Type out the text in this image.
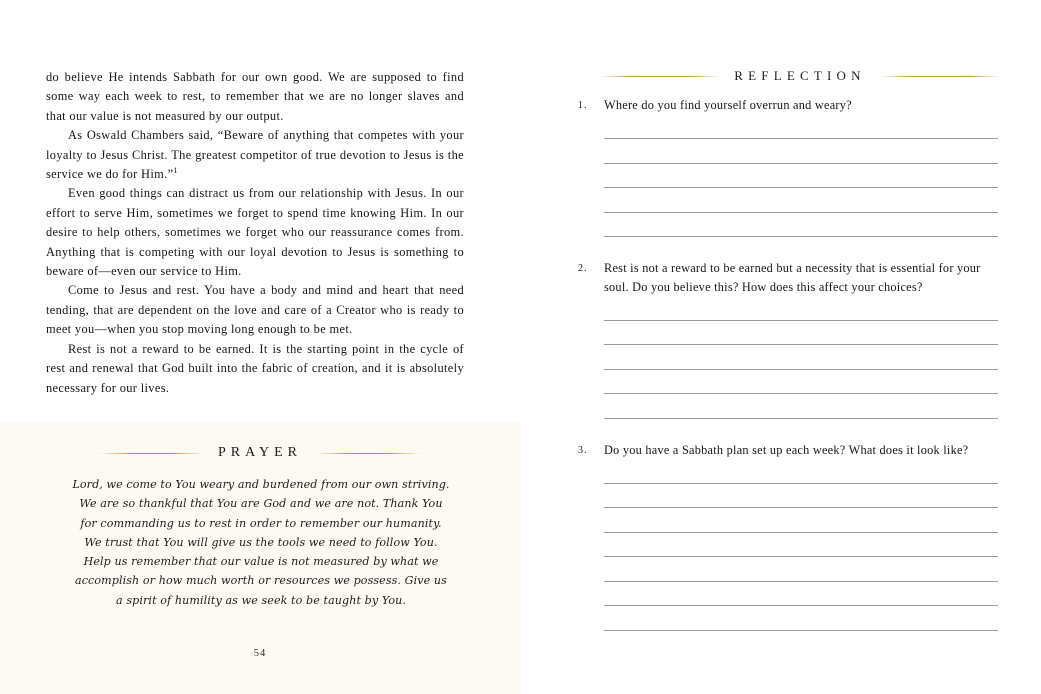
do believe He intends Sabbath for our own good. We are supposed to find some way each week to rest, to remember that we are no longer slaves and that our value is not measured by our output.

As Oswald Chambers said, “Beware of anything that competes with your loyalty to Jesus Christ. The greatest competitor of true devotion to Jesus is the service we do for Him.”$^1$

Even good things can distract us from our relationship with Jesus. In our effort to serve Him, sometimes we forget to spend time knowing Him. In our desire to help others, sometimes we forget who our reassurance comes from. Anything that is competing with our loyal devotion to Jesus is something to beware of—even our service to Him.

Come to Jesus and rest. You have a body and mind and heart that need tending, that are dependent on the love and care of a Creator who is ready to meet you—when you stop moving long enough to be met.

Rest is not a reward to be earned. It is the starting point in the cycle of rest and renewal that God built into the fabric of creation, and it is absolutely necessary for our lives.

PRAYER
Lord, we come to You weary and burdened from our own striving. We are so thankful that You are God and we are not. Thank You for commanding us to rest in order to remember our humanity. We trust that You will give us the tools we need to follow You. Help us remember that our value is not measured by what we accomplish or how much worth or resources we possess. Give us a spirit of humility as we seek to be taught by You.
54
REFLECTION
1.	Where do you find yourself overrun and weary?
2.	Rest is not a reward to be earned but a necessity that is essential for your soul. Do you believe this? How does this affect your choices?
3.	Do you have a Sabbath plan set up each week? What does it look like?
